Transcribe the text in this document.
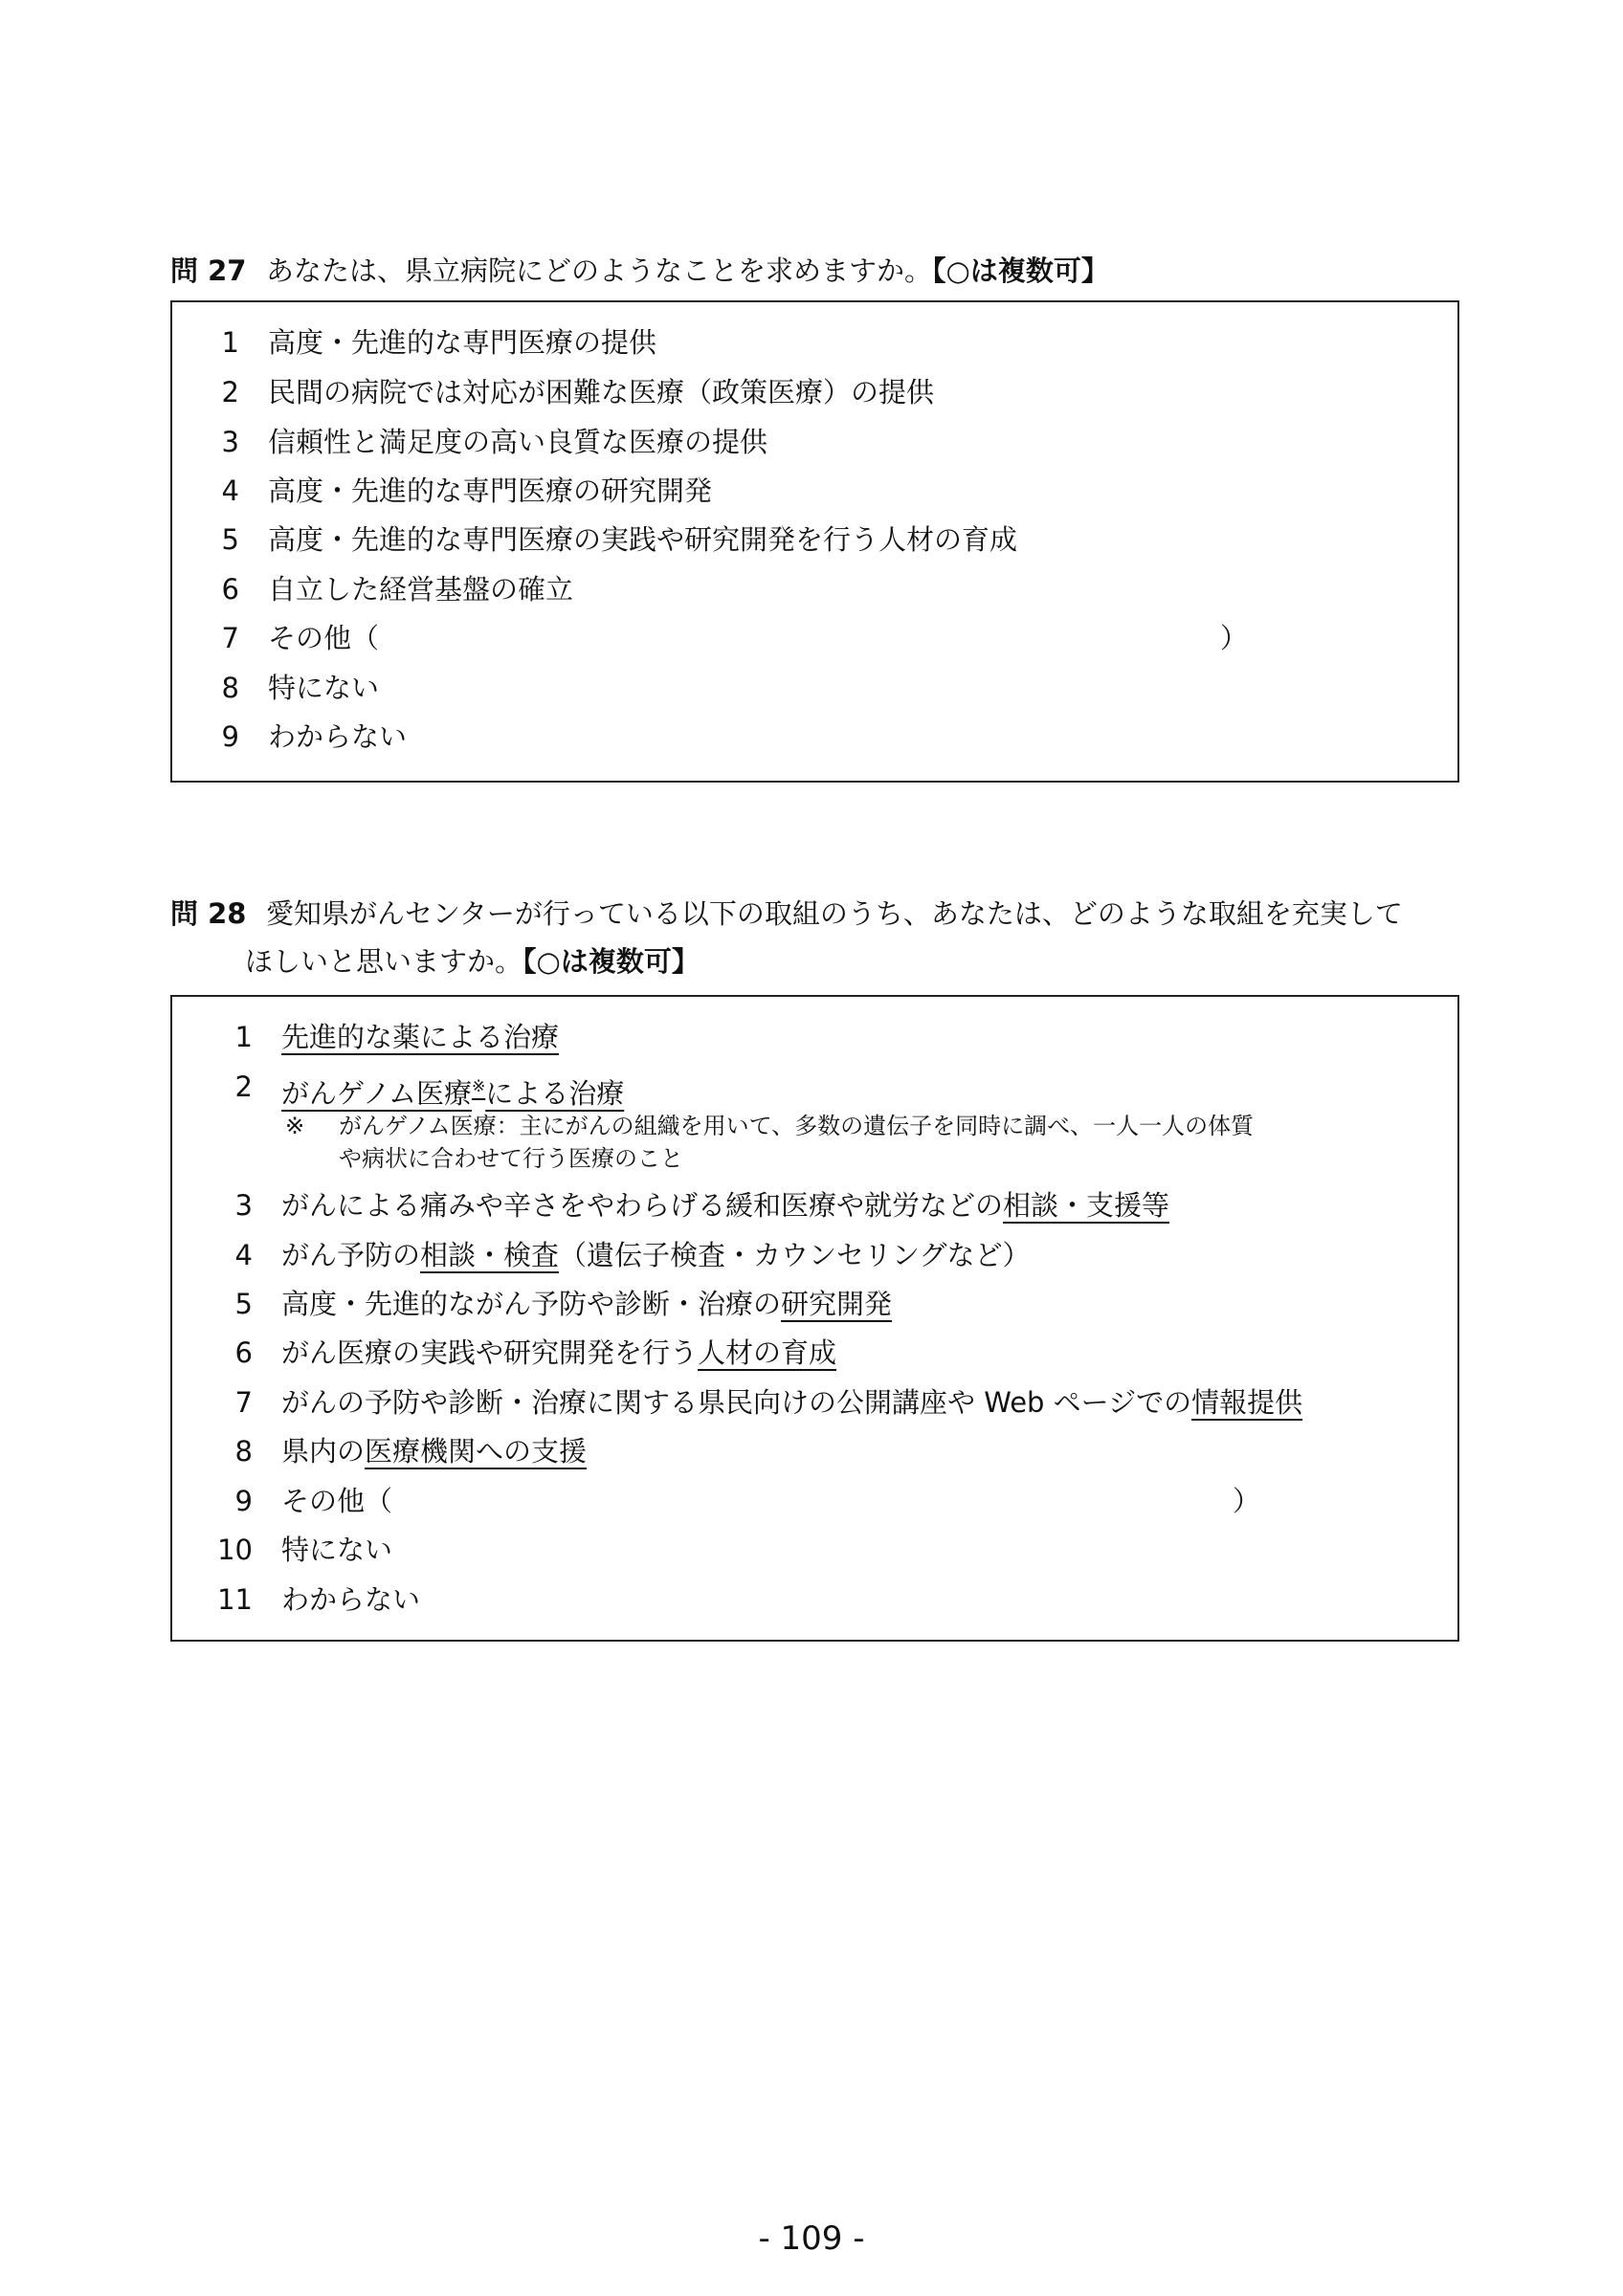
問 27 あなたは、県立病院にどのようなことを求めますか。【○は複数可】
1 高度・先進的な専門医療の提供
2 民間の病院では対応が困難な医療（政策医療）の提供
3 信頼性と満足度の高い良質な医療の提供
4 高度・先進的な専門医療の研究開発
5 高度・先進的な専門医療の実践や研究開発を行う人材の育成
6 自立した経営基盤の確立
7 その他（	）
8 特にない
9 わからない
問 28 愛知県がんセンターが行っている以下の取組のうち、あなたは、どのような取組を充実して
ほしいと思いますか。【○は複数可】
1 先進的な薬による治療
2 がんゲノム医療※による治療
※ がんゲノム医療：主にがんの組織を用いて、多数の遺伝子を同時に調べ、一人一人の体質
や病状に合わせて行う医療のこと
3 がんによる痛みや辛さをやわらげる緩和医療や就労などの相談・支援等
4 がん予防の相談・検査（遺伝子検査・カウンセリングなど）
5 高度・先進的ながん予防や診断・治療の研究開発
6 がん医療の実践や研究開発を行う人材の育成
7 がんの予防や診断・治療に関する県民向けの公開講座や Web ページでの情報提供
8 県内の医療機関への支援
9 その他（	）
10 特にない
11 わからない
- 109 -
